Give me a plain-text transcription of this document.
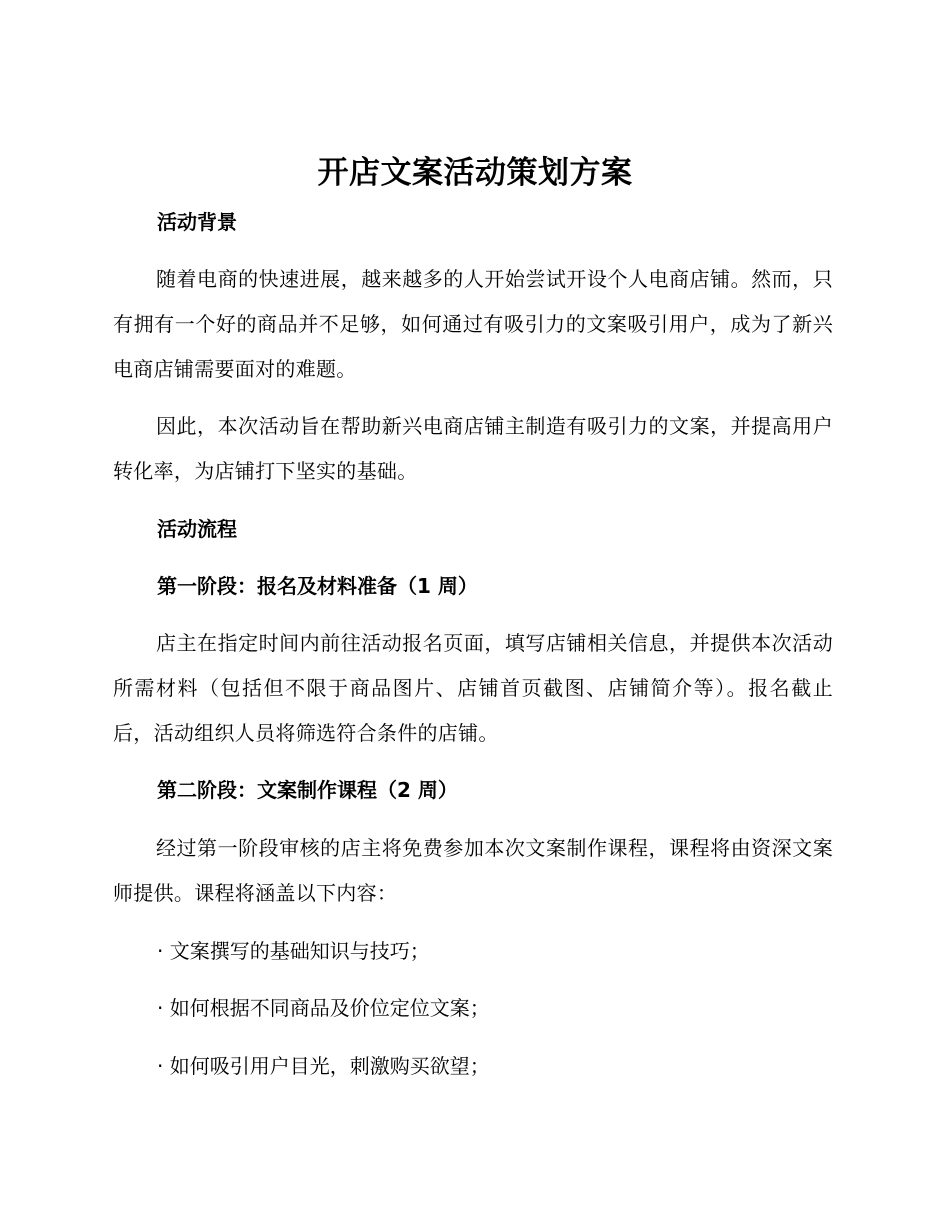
开店文案活动策划方案
活动背景
随着电商的快速进展，越来越多的人开始尝试开设个人电商店铺。然而，只有拥有一个好的商品并不足够，如何通过有吸引力的文案吸引用户，成为了新兴电商店铺需要面对的难题。
因此，本次活动旨在帮助新兴电商店铺主制造有吸引力的文案，并提高用户转化率，为店铺打下坚实的基础。
活动流程
第一阶段：报名及材料准备（1 周）
店主在指定时间内前往活动报名页面，填写店铺相关信息，并提供本次活动所需材料（包括但不限于商品图片、店铺首页截图、店铺简介等）。报名截止后，活动组织人员将筛选符合条件的店铺。
第二阶段：文案制作课程（2 周）
经过第一阶段审核的店主将免费参加本次文案制作课程，课程将由资深文案师提供。课程将涵盖以下内容：
· 文案撰写的基础知识与技巧；
· 如何根据不同商品及价位定位文案；
· 如何吸引用户目光，刺激购买欲望；
